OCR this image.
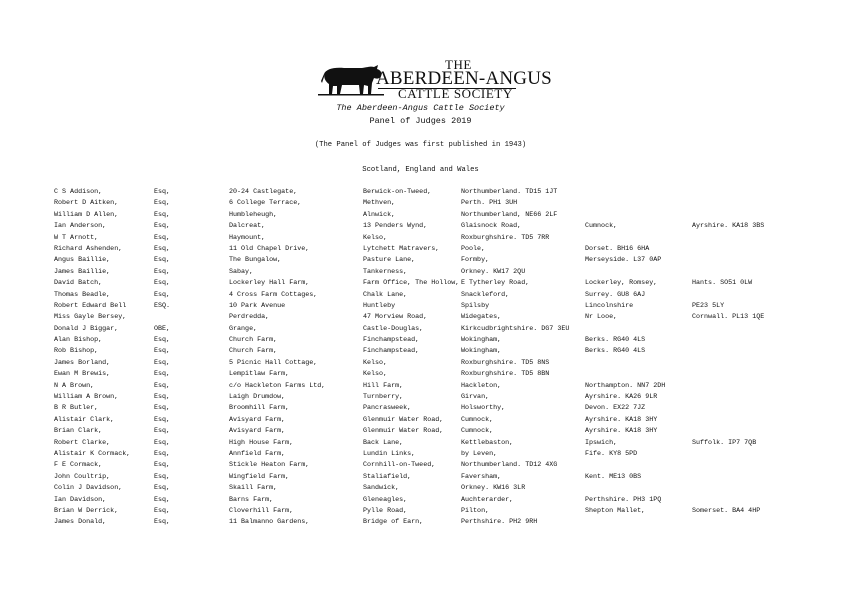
THE
ABERDEEN-ANGUS
CATTLE SOCIETY
The Aberdeen-Angus Cattle Society
Panel of Judges 2019
(The Panel of Judges was first published in 1943)
Scotland, England and Wales
C S Addison,	Esq,	20-24 Castlegate,	Berwick-on-Tweed,	Northumberland. TD15 1JT
Robert D Aitken,	Esq,	6 College Terrace,	Methven,	Perth. PH1 3UH
William D Allen,	Esq,	Humbleheugh,	Alnwick,	Northumberland, NE66 2LF
Ian Anderson,	Esq,	Dalcreat,	13 Penders Wynd,	Glaisnock Road,	Cumnock,	Ayrshire. KA18 3BS
W T Arnott,	Esq,	Haymount,	Kelso,	Roxburghshire. TD5 7RR
Richard Ashenden,	Esq,	11 Old Chapel Drive,	Lytchett Matravers,	Poole,	Dorset. BH16 6HA
Angus Baillie,	Esq,	The Bungalow,	Pasture Lane,	Formby,	Merseyside. L37 0AP
James Baillie,	Esq,	Sabay,	Tankerness,	Orkney. KW17 2QU
David Batch,	Esq,	Lockerley Hall Farm,	Farm Office, The Hollow, E Tytherley Road,	Lockerley, Romsey,	Hants. SO51 0LW
Thomas Beadle,	Esq,	4 Cross Farm Cottages,	Chalk Lane,	Snackleford,	Surrey. GU8 6AJ
Robert Edward Bell	ESQ.	10 Park Avenue	Huntleby	Spilsby	Lincolnshire	PE23 5LY
Miss Gayle Bersey,	Perdredda,	47 Morview Road,	Widegates,	Nr Looe,	Cornwall. PL13 1QE
Donald J Biggar,	OBE,	Grange,	Castle-Douglas,	Kirkcudbrightshire. DG7 3EU
Alan Bishop,	Esq,	Church Farm,	Finchampstead,	Wokingham,	Berks. RG40 4LS
Rob Bishop,	Esq,	Church Farm,	Finchampstead,	Wokingham,	Berks. RG40 4LS
James Borland,	Esq,	5 Picnic Hall Cottage,	Kelso,	Roxburghshire. TD5 8NS
Ewan M Brewis,	Esq,	Lempitlaw Farm,	Kelso,	Roxburghshire. TD5 8BN
N A Brown,	Esq,	c/o Hackleton Farms Ltd,	Hill Farm,	Hackleton,	Northampton. NN7 2DH
William A Brown,	Esq,	Laigh Drumdow,	Turnberry,	Girvan,	Ayrshire. KA26 9LR
B R Butler,	Esq,	Broomhill Farm,	Pancrasweek,	Holsworthy,	Devon. EX22 7JZ
Alistair Clark,	Esq,	Avisyard Farm,	Glenmuir Water Road,	Cumnock,	Ayrshire. KA18 3HY
Brian Clark,	Esq,	Avisyard Farm,	Glenmuir Water Road,	Cumnock,	Ayrshire. KA18 3HY
Robert Clarke,	Esq,	High House Farm,	Back Lane,	Kettlebaston,	Ipswich,	Suffolk. IP7 7QB
Alistair K Cormack,	Esq,	Annfield Farm,	Lundin Links,	by Leven,	Fife. KY8 5PD
F E Cormack,	Esq,	Stickle Heaton Farm,	Cornhill-on-Tweed,	Northumberland. TD12 4XG
John Coultrip,	Esq,	Wingfield Farm,	Staliafield,	Faversham,	Kent. ME13 0BS
Colin J Davidson,	Esq,	Skaill Farm,	Sandwick,	Orkney. KW16 3LR
Ian Davidson,	Esq,	Barns Farm,	Gleneagles,	Auchterarder,	Perthshire. PH3 1PQ
Brian W Derrick,	Esq,	Cloverhill Farm,	Pylle Road,	Pilton,	Shepton Mallet,	Somerset. BA4 4HP
James Donald,	Esq,	11 Balmanno Gardens,	Bridge of Earn,	Perthshire. PH2 9RH
